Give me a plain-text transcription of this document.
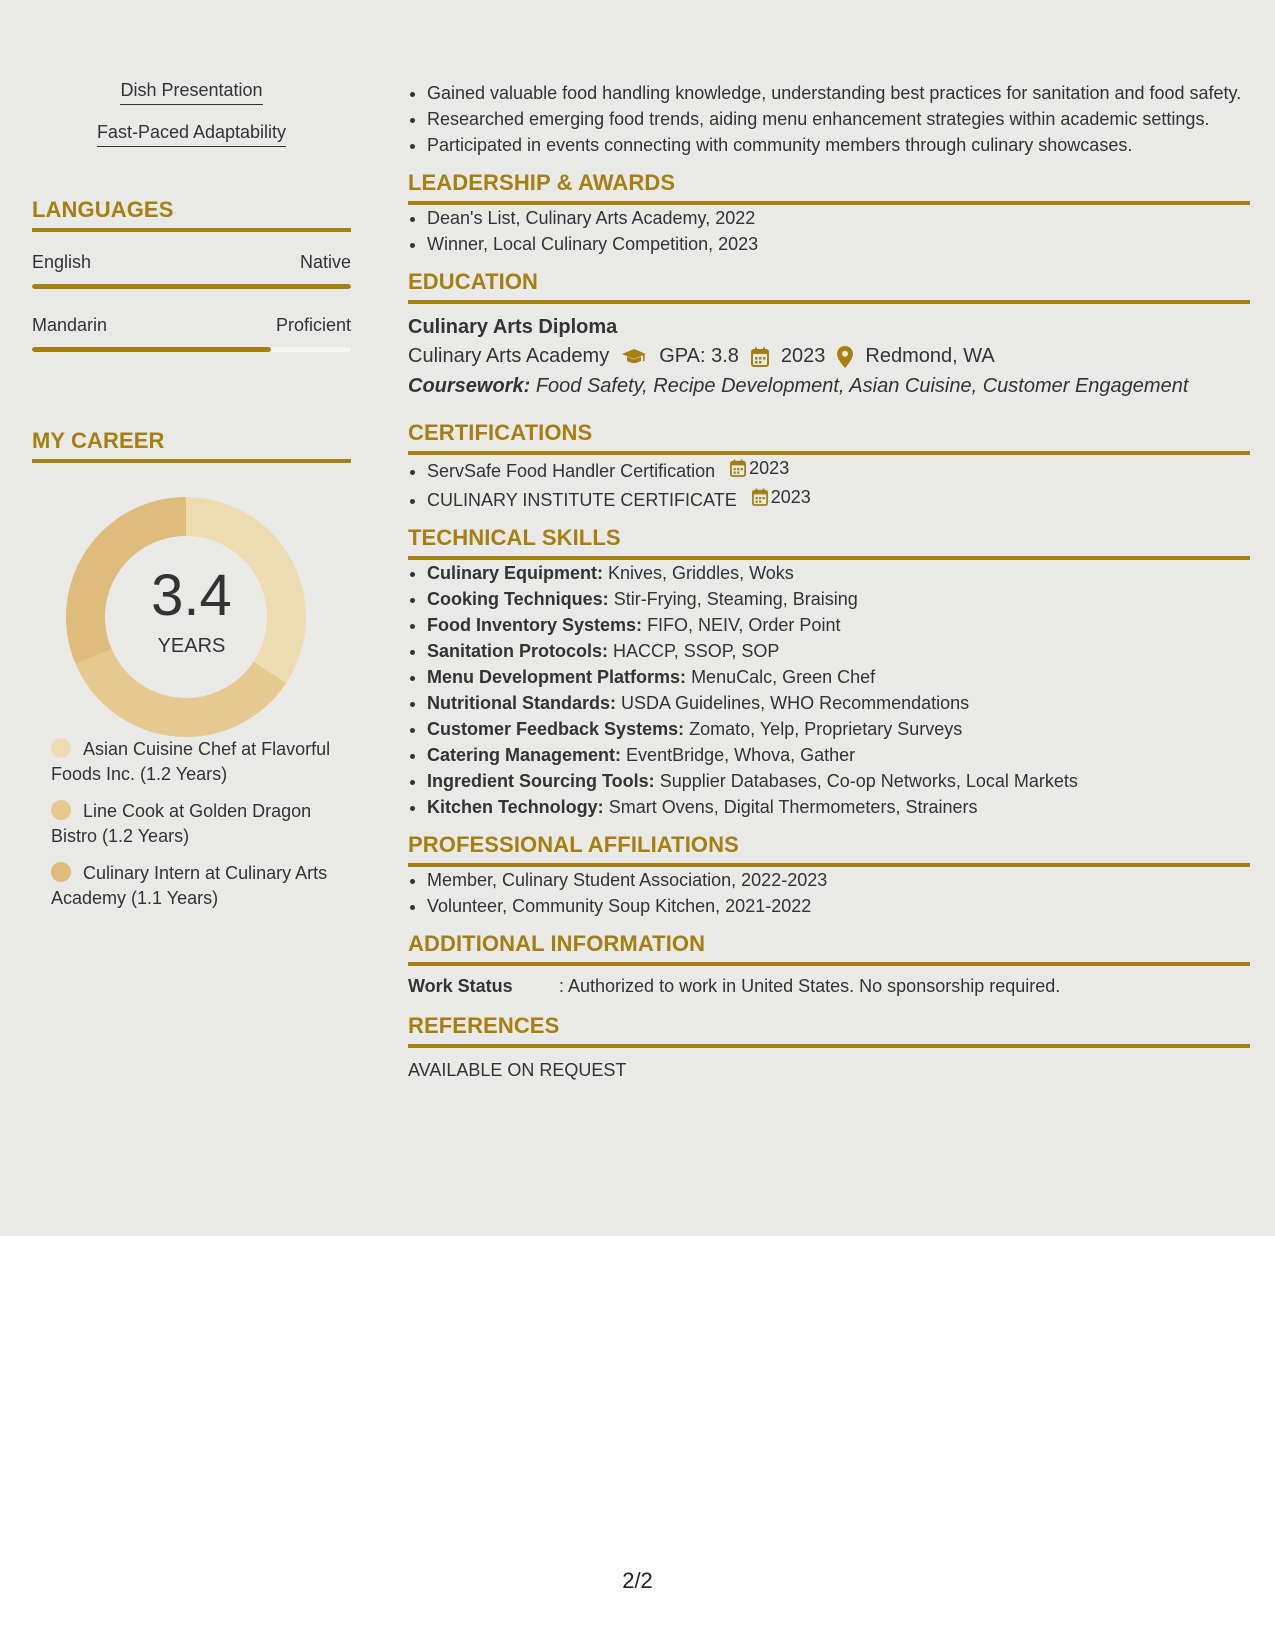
Dish Presentation
Fast-Paced Adaptability
LANGUAGES
English	Native
Mandarin	Proficient
MY CAREER
3.4
YEARS
Asian Cuisine Chef at Flavorful Foods Inc. (1.2 Years)
Line Cook at Golden Dragon Bistro (1.2 Years)
Culinary Intern at Culinary Arts Academy (1.1 Years)
• Gained valuable food handling knowledge, understanding best practices for sanitation and food safety.
• Researched emerging food trends, aiding menu enhancement strategies within academic settings.
• Participated in events connecting with community members through culinary showcases.
LEADERSHIP & AWARDS
• Dean's List, Culinary Arts Academy, 2022
• Winner, Local Culinary Competition, 2023
EDUCATION
Culinary Arts Diploma
Culinary Arts Academy	GPA: 3.8 2023 Redmond, WA
Coursework: Food Safety, Recipe Development, Asian Cuisine, Customer Engagement
CERTIFICATIONS
• ServSafe Food Handler Certification 2023
• CULINARY INSTITUTE CERTIFICATE 2023
TECHNICAL SKILLS
• Culinary Equipment: Knives, Griddles, Woks
• Cooking Techniques: Stir-Frying, Steaming, Braising
• Food Inventory Systems: FIFO, NEIV, Order Point
• Sanitation Protocols: HACCP, SSOP, SOP
• Menu Development Platforms: MenuCalc, Green Chef
• Nutritional Standards: USDA Guidelines, WHO Recommendations
• Customer Feedback Systems: Zomato, Yelp, Proprietary Surveys
• Catering Management: EventBridge, Whova, Gather
• Ingredient Sourcing Tools: Supplier Databases, Co-op Networks, Local Markets
• Kitchen Technology: Smart Ovens, Digital Thermometers, Strainers
PROFESSIONAL AFFILIATIONS
• Member, Culinary Student Association, 2022-2023
• Volunteer, Community Soup Kitchen, 2021-2022
ADDITIONAL INFORMATION
Work Status	: Authorized to work in United States. No sponsorship required.
REFERENCES
AVAILABLE ON REQUEST
2/2
